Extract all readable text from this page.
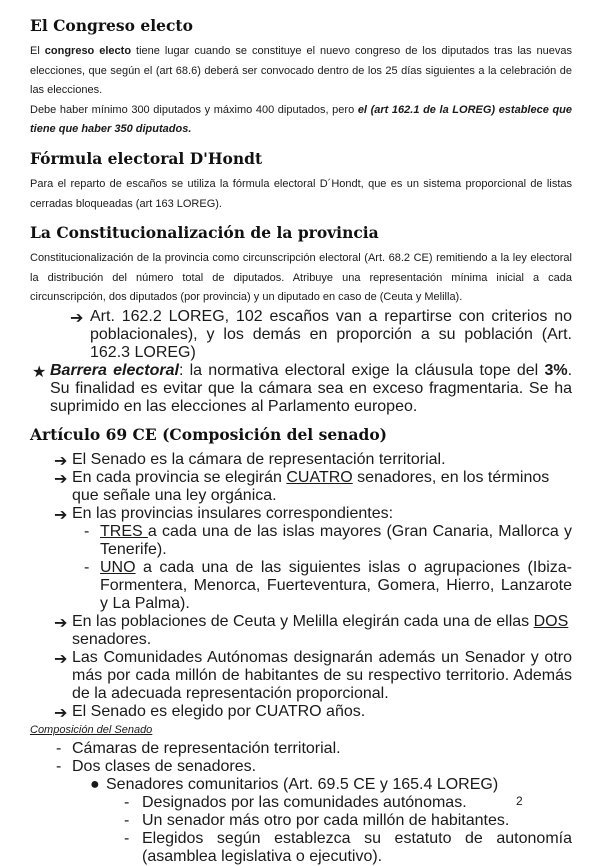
El Congreso electo

El congreso electo tiene lugar cuando se constituye el nuevo congreso de los diputados tras las nuevas elecciones, que según el (art 68.6) deberá ser convocado dentro de los 25 días siguientes a la celebración de las elecciones.

Debe haber mínimo 300 diputados y máximo 400 diputados, pero el (art 162.1 de la LOREG) establece que tiene que haber 350 diputados.

Fórmula electoral D'Hondt

Para el reparto de escaños se utiliza la fórmula electoral D´Hondt, que es un sistema proporcional de listas cerradas bloqueadas (art 163 LOREG).

La Constitucionalización de la provincia

Constitucionalización de la provincia como circunscripción electoral (Art. 68.2 CE) remitiendo a la ley electoral la distribución del número total de diputados. Atribuye una representación mínima inicial a cada circunscripción, dos diputados (por provincia) y un diputado en caso de (Ceuta y Melilla).

➔ Art. 162.2 LOREG, 102 escaños van a repartirse con criterios no poblacionales), y los demás en proporción a su población (Art. 162.3 LOREG)
★ Barrera electoral: la normativa electoral exige la cláusula tope del 3%. Su finalidad es evitar que la cámara sea en exceso fragmentaria. Se ha suprimido en las elecciones al Parlamento europeo.
Artículo 69 CE (Composición del senado)
➔ El Senado es la cámara de representación territorial.
➔ En cada provincia se elegirán CUATRO senadores, en los términos que señale una ley orgánica.
➔ En las provincias insulares correspondientes:
- TRES a cada una de las islas mayores (Gran Canaria, Mallorca y Tenerife).
- UNO a cada una de las siguientes islas o agrupaciones (Ibiza-Formentera, Menorca, Fuerteventura, Gomera, Hierro, Lanzarote y La Palma).
➔ En las poblaciones de Ceuta y Melilla elegirán cada una de ellas DOS senadores.
➔ Las Comunidades Autónomas designarán además un Senador y otro más por cada millón de habitantes de su respectivo territorio. Además de la adecuada representación proporcional.
➔ El Senado es elegido por CUATRO años.
Composición del Senado
- Cámaras de representación territorial.
- Dos clases de senadores.
● Senadores comunitarios (Art. 69.5 CE y 165.4 LOREG)
- Designados por las comunidades autónomas.
- Un senador más otro por cada millón de habitantes.
- Elegidos según establezca su estatuto de autonomía (asamblea legislativa o ejecutivo).
2
